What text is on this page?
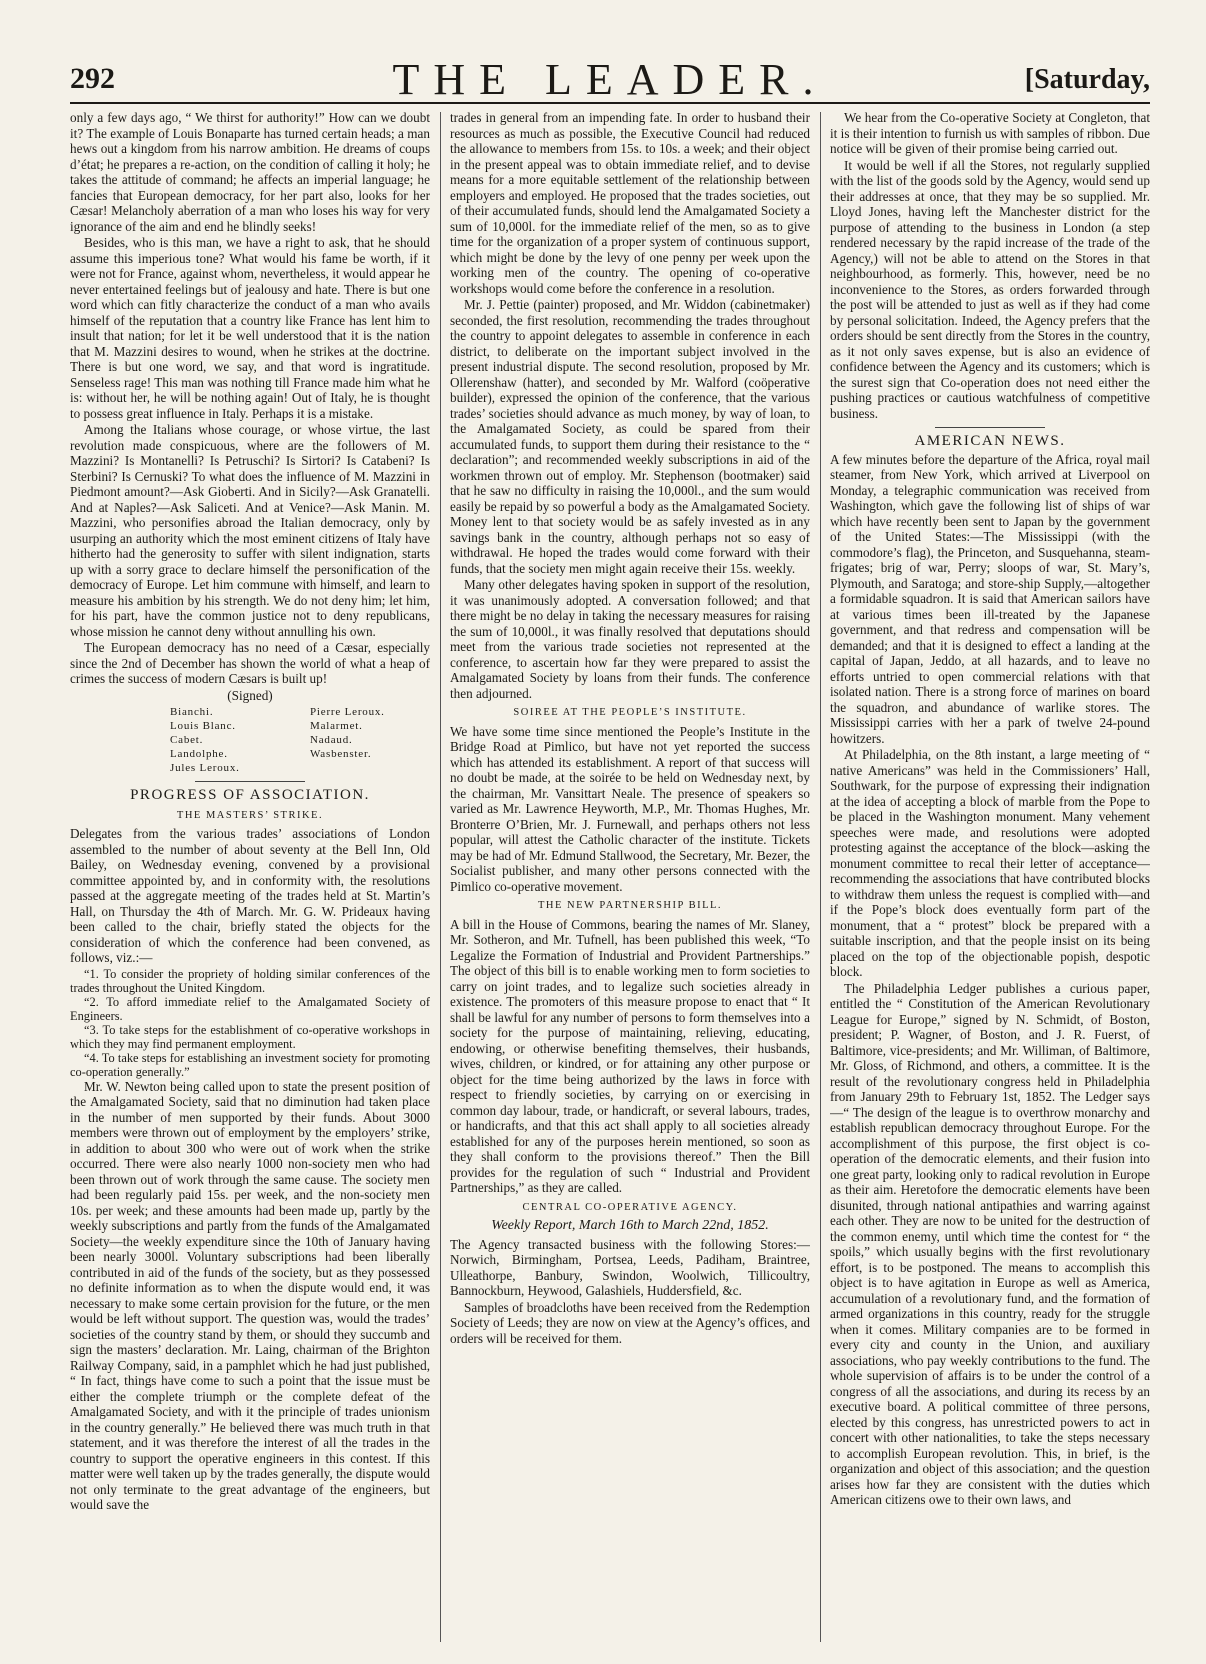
292	THE LEADER.	[Saturday,

only a few days ago, “ We thirst for authority!” How can we doubt it? The example of Louis Bonaparte has turned certain heads; a man hews out a kingdom from his narrow ambition. He dreams of coups d’état; he prepares a re-action, on the condition of calling it holy; he takes the attitude of command; he affects an imperial language; he fancies that European democracy, for her part also, looks for her Cæsar! Melancholy aberration of a man who loses his way for very ignorance of the aim and end he blindly seeks!

Besides, who is this man, we have a right to ask, that he should assume this imperious tone? What would his fame be worth, if it were not for France, against whom, nevertheless, it would appear he never entertained feelings but of jealousy and hate. There is but one word which can fitly characterize the conduct of a man who avails himself of the reputation that a country like France has lent him to insult that nation; for let it be well understood that it is the nation that M. Mazzini desires to wound, when he strikes at the doctrine. There is but one word, we say, and that word is ingratitude. Senseless rage! This man was nothing till France made him what he is: without her, he will be nothing again! Out of Italy, he is thought to possess great influence in Italy. Perhaps it is a mistake.

Among the Italians whose courage, or whose virtue, the last revolution made conspicuous, where are the followers of M. Mazzini? Is Montanelli? Is Petruschi? Is Sirtori? Is Catabeni? Is Sterbini? Is Cernuski? To what does the influence of M. Mazzini in Piedmont amount?—Ask Gioberti. And in Sicily?—Ask Granatelli. And at Naples?—Ask Saliceti. And at Venice?—Ask Manin. M. Mazzini, who personifies abroad the Italian democracy, only by usurping an authority which the most eminent citizens of Italy have hitherto had the generosity to suffer with silent indignation, starts up with a sorry grace to declare himself the personification of the democracy of Europe. Let him commune with himself, and learn to measure his ambition by his strength. We do not deny him; let him, for his part, have the common justice not to deny republicans, whose mission he cannot deny without annulling his own.

The European democracy has no need of a Cæsar, especially since the 2nd of December has shown the world of what a heap of crimes the success of modern Cæsars is built up!

(Signed)
Bianchi.	Pierre Leroux.
Louis Blanc.	Malarmet.
Cabet.	Nadaud.
Landolphe.	Wasbenster.
Jules Leroux.
PROGRESS OF ASSOCIATION.
THE MASTERS’ STRIKE.

Delegates from the various trades’ associations of London assembled to the number of about seventy at the Bell Inn, Old Bailey, on Wednesday evening, convened by a provisional committee appointed by, and in conformity with, the resolutions passed at the aggregate meeting of the trades held at St. Martin’s Hall, on Thursday the 4th of March. Mr. G. W. Prideaux having been called to the chair, briefly stated the objects for the consideration of which the conference had been convened, as follows, viz.:—

“1. To consider the propriety of holding similar conferences of the trades throughout the United Kingdom.
“2. To afford immediate relief to the Amalgamated Society of Engineers.
“3. To take steps for the establishment of co-operative workshops in which they may find permanent employment.
“4. To take steps for establishing an investment society for promoting co-operation generally.”

Mr. W. Newton being called upon to state the present position of the Amalgamated Society, said that no diminution had taken place in the number of men supported by their funds. About 3000 members were thrown out of employment by the employers’ strike, in addition to about 300 who were out of work when the strike occurred. There were also nearly 1000 non-society men who had been thrown out of work through the same cause. The society men had been regularly paid 15s. per week, and the non-society men 10s. per week; and these amounts had been made up, partly by the weekly subscriptions and partly from the funds of the Amalgamated Society—the weekly expenditure since the 10th of January having been nearly 3000l. Voluntary subscriptions had been liberally contributed in aid of the funds of the society, but as they possessed no definite information as to when the dispute would end, it was necessary to make some certain provision for the future, or the men would be left without support. The question was, would the trades’ societies of the country stand by them, or should they succumb and sign the masters’ declaration. Mr. Laing, chairman of the Brighton Railway Company, said, in a pamphlet which he had just published, “ In fact, things have come to such a point that the issue must be either the complete triumph or the complete defeat of the Amalgamated Society, and with it the principle of trades unionism in the country generally.” He believed there was much truth in that statement, and it was therefore the interest of all the trades in the country to support the operative engineers in this contest. If this matter were well taken up by the trades generally, the dispute would not only terminate to the great advantage of the engineers, but would save the

trades in general from an impending fate. In order to husband their resources as much as possible, the Executive Council had reduced the allowance to members from 15s. to 10s. a week; and their object in the present appeal was to obtain immediate relief, and to devise means for a more equitable settlement of the relationship between employers and employed. He proposed that the trades societies, out of their accumulated funds, should lend the Amalgamated Society a sum of 10,000l. for the immediate relief of the men, so as to give time for the organization of a proper system of continuous support, which might be done by the levy of one penny per week upon the working men of the country. The opening of co-operative workshops would come before the conference in a resolution.

Mr. J. Pettie (painter) proposed, and Mr. Widdon (cabinetmaker) seconded, the first resolution, recommending the trades throughout the country to appoint delegates to assemble in conference in each district, to deliberate on the important subject involved in the present industrial dispute. The second resolution, proposed by Mr. Ollerenshaw (hatter), and seconded by Mr. Walford (coöperative builder), expressed the opinion of the conference, that the various trades’ societies should advance as much money, by way of loan, to the Amalgamated Society, as could be spared from their accumulated funds, to support them during their resistance to the “ declaration”; and recommended weekly subscriptions in aid of the workmen thrown out of employ. Mr. Stephenson (bootmaker) said that he saw no difficulty in raising the 10,000l., and the sum would easily be repaid by so powerful a body as the Amalgamated Society. Money lent to that society would be as safely invested as in any savings bank in the country, although perhaps not so easy of withdrawal. He hoped the trades would come forward with their funds, that the society men might again receive their 15s. weekly.

Many other delegates having spoken in support of the resolution, it was unanimously adopted. A conversation followed; and that there might be no delay in taking the necessary measures for raising the sum of 10,000l., it was finally resolved that deputations should meet from the various trade societies not represented at the conference, to ascertain how far they were prepared to assist the Amalgamated Society by loans from their funds. The conference then adjourned.

SOIREE AT THE PEOPLE’S INSTITUTE.

We have some time since mentioned the People’s Institute in the Bridge Road at Pimlico, but have not yet reported the success which has attended its establishment. A report of that success will no doubt be made, at the soirée to be held on Wednesday next, by the chairman, Mr. Vansittart Neale. The presence of speakers so varied as Mr. Lawrence Heyworth, M.P., Mr. Thomas Hughes, Mr. Bronterre O’Brien, Mr. J. Furnewall, and perhaps others not less popular, will attest the Catholic character of the institute. Tickets may be had of Mr. Edmund Stallwood, the Secretary, Mr. Bezer, the Socialist publisher, and many other persons connected with the Pimlico co-operative movement.

THE NEW PARTNERSHIP BILL.

A bill in the House of Commons, bearing the names of Mr. Slaney, Mr. Sotheron, and Mr. Tufnell, has been published this week, “To Legalize the Formation of Industrial and Provident Partnerships.” The object of this bill is to enable working men to form societies to carry on joint trades, and to legalize such societies already in existence. The promoters of this measure propose to enact that “ It shall be lawful for any number of persons to form themselves into a society for the purpose of maintaining, relieving, educating, endowing, or otherwise benefiting themselves, their husbands, wives, children, or kindred, or for attaining any other purpose or object for the time being authorized by the laws in force with respect to friendly societies, by carrying on or exercising in common day labour, trade, or handicraft, or several labours, trades, or handicrafts, and that this act shall apply to all societies already established for any of the purposes herein mentioned, so soon as they shall conform to the provisions thereof.” Then the Bill provides for the regulation of such “ Industrial and Provident Partnerships,” as they are called.

CENTRAL CO-OPERATIVE AGENCY.
Weekly Report, March 16th to March 22nd, 1852.

The Agency transacted business with the following Stores:—Norwich, Birmingham, Portsea, Leeds, Padiham, Braintree, Ulleathorpe, Banbury, Swindon, Woolwich, Tillicoultry, Bannockburn, Heywood, Galashiels, Huddersfield, &c.

Samples of broadcloths have been received from the Redemption Society of Leeds; they are now on view at the Agency’s offices, and orders will be received for them.

We hear from the Co-operative Society at Congleton, that it is their intention to furnish us with samples of ribbon. Due notice will be given of their promise being carried out.

It would be well if all the Stores, not regularly supplied with the list of the goods sold by the Agency, would send up their addresses at once, that they may be so supplied. Mr. Lloyd Jones, having left the Manchester district for the purpose of attending to the business in London (a step rendered necessary by the rapid increase of the trade of the Agency,) will not be able to attend on the Stores in that neighbourhood, as formerly. This, however, need be no inconvenience to the Stores, as orders forwarded through the post will be attended to just as well as if they had come by personal solicitation. Indeed, the Agency prefers that the orders should be sent directly from the Stores in the country, as it not only saves expense, but is also an evidence of confidence between the Agency and its customers; which is the surest sign that Co-operation does not need either the pushing practices or cautious watchfulness of competitive business.

AMERICAN NEWS.

A few minutes before the departure of the Africa, royal mail steamer, from New York, which arrived at Liverpool on Monday, a telegraphic communication was received from Washington, which gave the following list of ships of war which have recently been sent to Japan by the government of the United States:—The Mississippi (with the commodore’s flag), the Princeton, and Susquehanna, steam-frigates; brig of war, Perry; sloops of war, St. Mary’s, Plymouth, and Saratoga; and store-ship Supply,—altogether a formidable squadron. It is said that American sailors have at various times been ill-treated by the Japanese government, and that redress and compensation will be demanded; and that it is designed to effect a landing at the capital of Japan, Jeddo, at all hazards, and to leave no efforts untried to open commercial relations with that isolated nation. There is a strong force of marines on board the squadron, and abundance of warlike stores. The Mississippi carries with her a park of twelve 24-pound howitzers.

At Philadelphia, on the 8th instant, a large meeting of “ native Americans” was held in the Commissioners’ Hall, Southwark, for the purpose of expressing their indignation at the idea of accepting a block of marble from the Pope to be placed in the Washington monument. Many vehement speeches were made, and resolutions were adopted protesting against the acceptance of the block—asking the monument committee to recal their letter of acceptance—recommending the associations that have contributed blocks to withdraw them unless the request is complied with—and if the Pope’s block does eventually form part of the monument, that a “ protest” block be prepared with a suitable inscription, and that the people insist on its being placed on the top of the objectionable popish, despotic block.

The Philadelphia Ledger publishes a curious paper, entitled the “ Constitution of the American Revolutionary League for Europe,” signed by N. Schmidt, of Boston, president; P. Wagner, of Boston, and J. R. Fuerst, of Baltimore, vice-presidents; and Mr. Williman, of Baltimore, Mr. Gloss, of Richmond, and others, a committee. It is the result of the revolutionary congress held in Philadelphia from January 29th to February 1st, 1852. The Ledger says—“ The design of the league is to overthrow monarchy and establish republican democracy throughout Europe. For the accomplishment of this purpose, the first object is co-operation of the democratic elements, and their fusion into one great party, looking only to radical revolution in Europe as their aim. Heretofore the democratic elements have been disunited, through national antipathies and warring against each other. They are now to be united for the destruction of the common enemy, until which time the contest for “ the spoils,” which usually begins with the first revolutionary effort, is to be postponed. The means to accomplish this object is to have agitation in Europe as well as America, accumulation of a revolutionary fund, and the formation of armed organizations in this country, ready for the struggle when it comes. Military companies are to be formed in every city and county in the Union, and auxiliary associations, who pay weekly contributions to the fund. The whole supervision of affairs is to be under the control of a congress of all the associations, and during its recess by an executive board. A political committee of three persons, elected by this congress, has unrestricted powers to act in concert with other nationalities, to take the steps necessary to accomplish European revolution. This, in brief, is the organization and object of this association; and the question arises how far they are consistent with the duties which American citizens owe to their own laws, and
